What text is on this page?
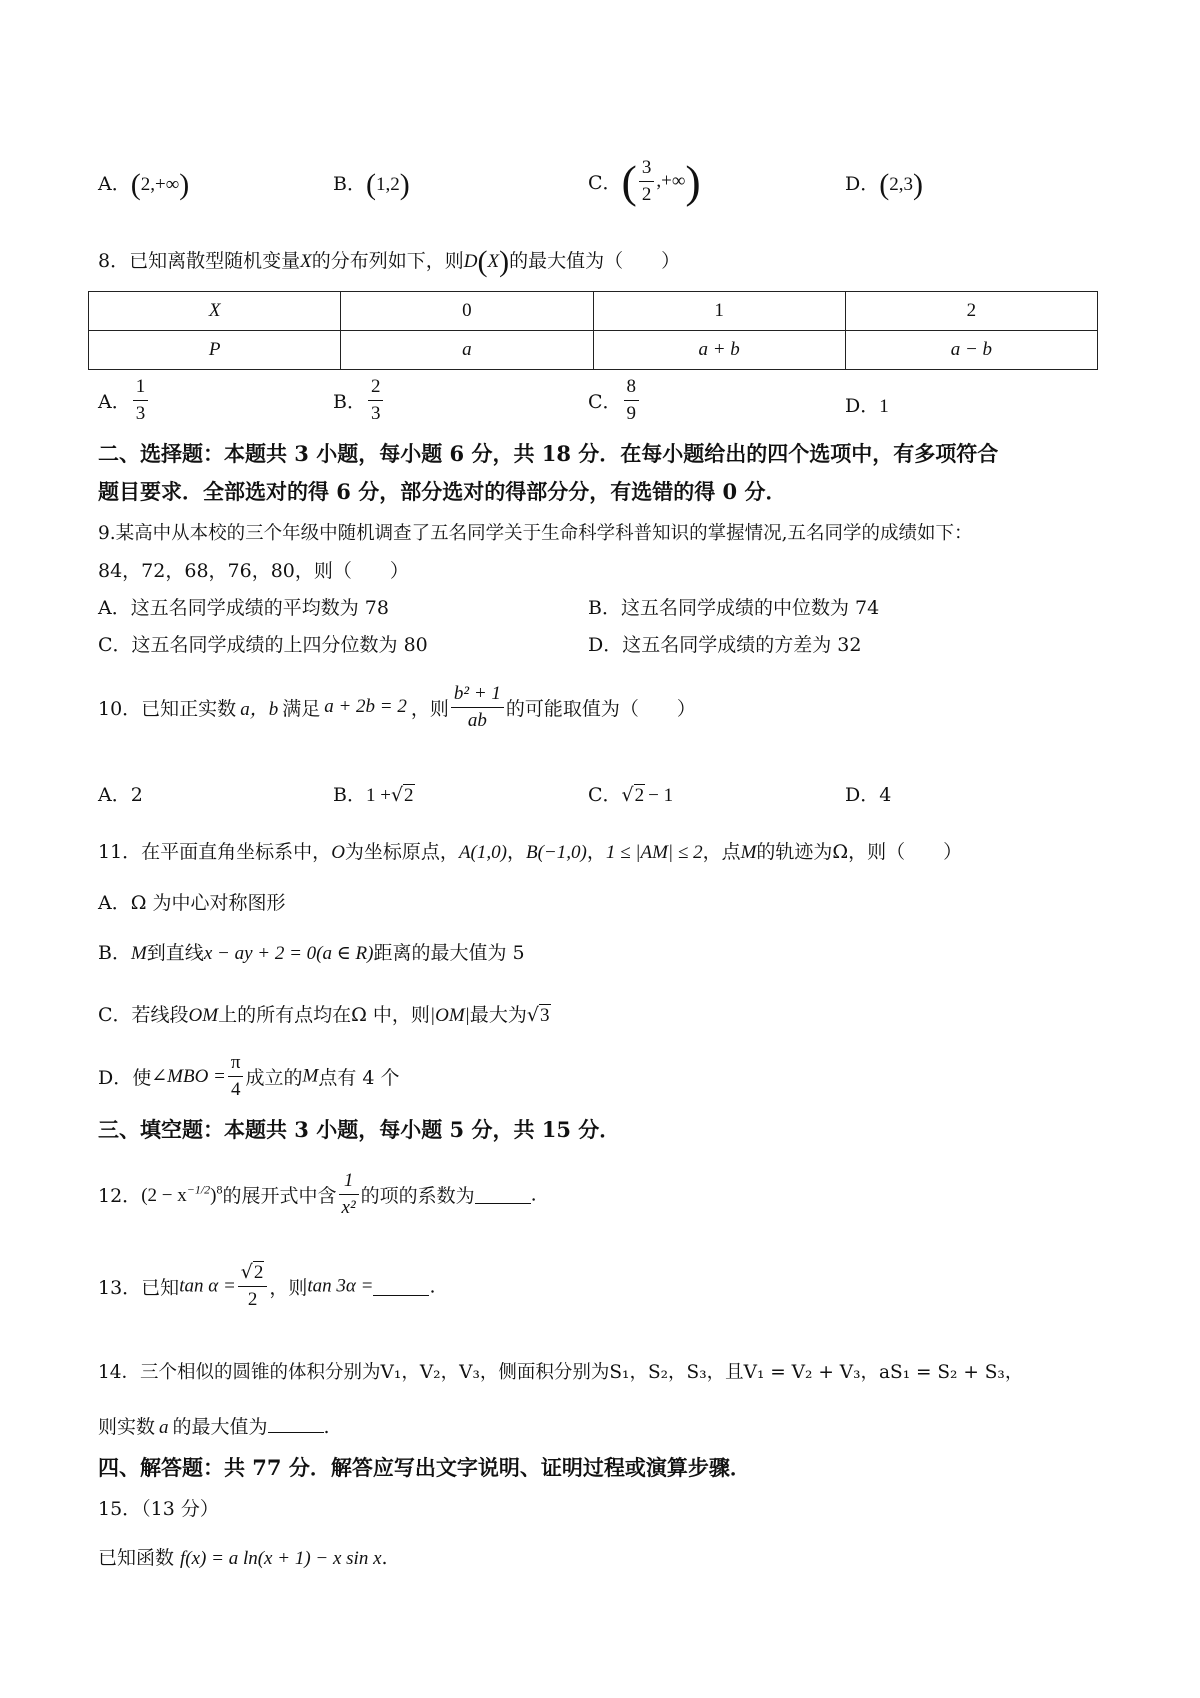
A．(2,+∞)	B．(1,2)	C．( $\frac{3}{2}$ ,+∞)	D．(2,3)
8．已知离散型随机变量X的分布列如下，则D(X)的最大值为（　　）
X	0	1	2
P	a	a + b	a − b
A． $\frac{1}{3}$	B． $\frac{2}{3}$	C． $\frac{8}{9}$	D．1
二、选择题：本题共 3 小题，每小题 6 分，共 18 分．在每小题给出的四个选项中，有多项符合
题目要求．全部选对的得 6 分，部分选对的得部分分，有选错的得 0 分．
9.某高中从本校的三个年级中随机调查了五名同学关于生命科学科普知识的掌握情况,五名同学的成绩如下：
84，72，68，76，80，则（　　）
A．这五名同学成绩的平均数为 78	B．这五名同学成绩的中位数为 74
C．这五名同学成绩的上四分位数为 80	D．这五名同学成绩的方差为 32
10．已知正实数 a，b 满足 a + 2b = 2 ，则 $\frac{\text{b² + 1}}{ab}$ 的可能取值为（　　）
A．2	B．1 +√2	C．√2 − 1	D．4
11．在平面直角坐标系中，O为坐标原点，A(1,0)，B(−1,0)，1 ≤ |AM| ≤ 2，点M的轨迹为Ω，则（　　）
A．Ω 为中心对称图形
B．M到直线x − ay + 2 = 0(a ∈ R)距离的最大值为 5
C．若线段OM上的所有点均在Ω 中，则|OM|最大为√3
D．使∠MBO = $\frac{\pi}{4}$ 成立的M点有 4 个
三、填空题：本题共 3 小题，每小题 5 分，共 15 分．
12．$(2 - x^{-1/2})^8$的展开式中含 $\frac{1}{\text{x²}}$ 的项的系数为	.
13．已知$\tan \alpha = \frac{√2}{2}$ ，则tan 3α =	.
14．三个相似的圆锥的体积分别为V₁，V₂，V₃，侧面积分别为S₁，S₂，S₃，且V₁ = V₂ + V₃，aS₁ = S₂ + S₃，
则实数 a 的最大值为	.
四、解答题：共 77 分．解答应写出文字说明、证明过程或演算步骤．
15．（13 分）
已知函数 f(x) = a ln(x + 1) − x sin x.
